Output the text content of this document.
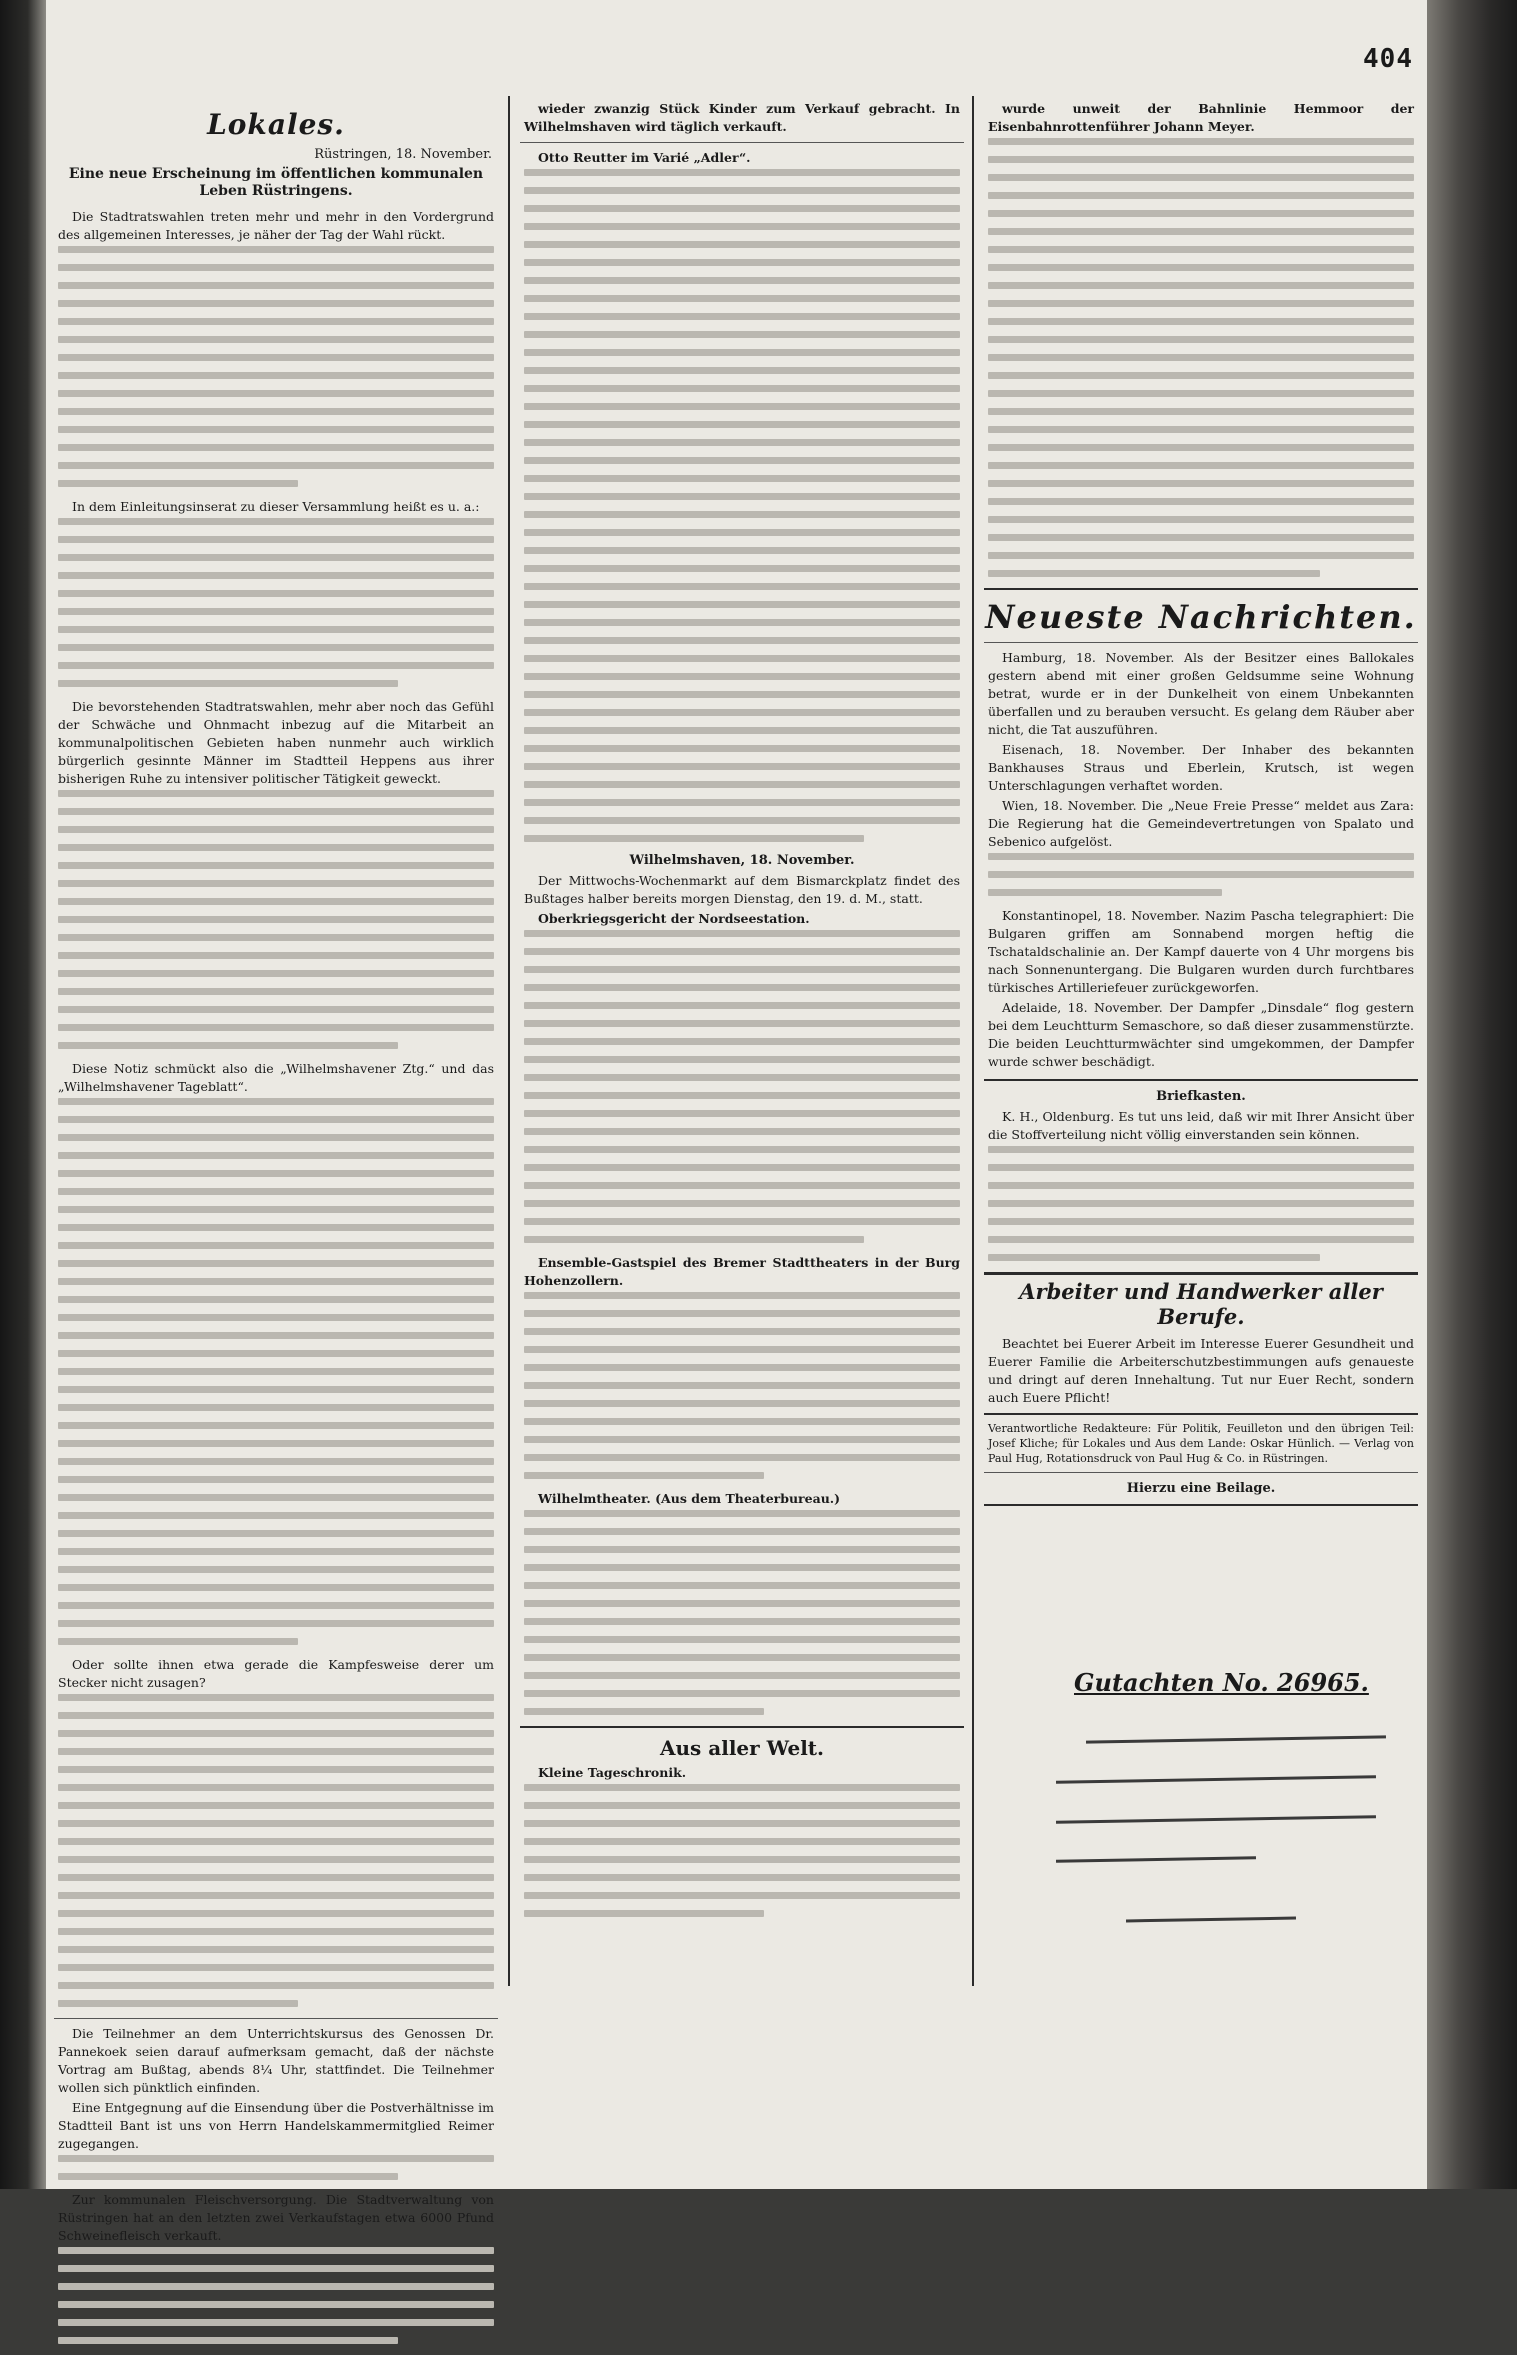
404
Lokales.
Rüstringen, 18. November.
Eine neue Erscheinung im öffentlichen kommunalen Leben Rüstringens.

Die Stadtratswahlen treten mehr und mehr in den Vordergrund des allgemeinen Interesses, je näher der Tag der Wahl rückt.

In dem Einleitungsinserat zu dieser Versammlung heißt es u. a.:

Die bevorstehenden Stadtratswahlen, mehr aber noch das Gefühl der Schwäche und Ohnmacht inbezug auf die Mitarbeit an kommunalpolitischen Gebieten haben nunmehr auch wirklich bürgerlich gesinnte Männer im Stadtteil Heppens aus ihrer bisherigen Ruhe zu intensiver politischer Tätigkeit geweckt.

Diese Notiz schmückt also die „Wilhelmshavener Ztg.“ und das „Wilhelmshavener Tageblatt“.

Oder sollte ihnen etwa gerade die Kampfesweise derer um Stecker nicht zusagen?

Die Teilnehmer an dem Unterrichtskursus des Genossen Dr. Pannekoek seien darauf aufmerksam gemacht, daß der nächste Vortrag am Bußtag, abends 8¼ Uhr, stattfindet. Die Teilnehmer wollen sich pünktlich einfinden.

Eine Entgegnung auf die Einsendung über die Postverhältnisse im Stadtteil Bant ist uns von Herrn Handelskammermitglied Reimer zugegangen.

Zur kommunalen Fleischversorgung. Die Stadtverwaltung von Rüstringen hat an den letzten zwei Verkaufstagen etwa 6000 Pfund Schweinefleisch verkauft.

wieder zwanzig Stück Kinder zum Verkauf gebracht. In Wilhelmshaven wird täglich verkauft.

Otto Reutter im Varié „Adler“.

Wilhelmshaven, 18. November.

Der Mittwochs-Wochenmarkt auf dem Bismarckplatz findet des Bußtages halber bereits morgen Dienstag, den 19. d. M., statt.

Oberkriegsgericht der Nordseestation.

Ensemble-Gastspiel des Bremer Stadttheaters in der Burg Hohenzollern.

Wilhelmtheater. (Aus dem Theaterbureau.)

Aus aller Welt.

Kleine Tageschronik.

wurde unweit der Bahnlinie Hemmoor der Eisenbahnrottenführer Johann Meyer.

Neueste Nachrichten.

Hamburg, 18. November. Als der Besitzer eines Ballokales gestern abend mit einer großen Geldsumme seine Wohnung betrat, wurde er in der Dunkelheit von einem Unbekannten überfallen und zu berauben versucht. Es gelang dem Räuber aber nicht, die Tat auszuführen.

Eisenach, 18. November. Der Inhaber des bekannten Bankhauses Straus und Eberlein, Krutsch, ist wegen Unterschlagungen verhaftet worden.

Wien, 18. November. Die „Neue Freie Presse“ meldet aus Zara: Die Regierung hat die Gemeindevertretungen von Spalato und Sebenico aufgelöst.

Konstantinopel, 18. November. Nazim Pascha telegraphiert: Die Bulgaren griffen am Sonnabend morgen heftig die Tschataldschalinie an. Der Kampf dauerte von 4 Uhr morgens bis nach Sonnenuntergang. Die Bulgaren wurden durch furchtbares türkisches Artilleriefeuer zurückgeworfen.

Adelaide, 18. November. Der Dampfer „Dinsdale“ flog gestern bei dem Leuchtturm Semaschore, so daß dieser zusammenstürzte. Die beiden Leuchtturmwächter sind umgekommen, der Dampfer wurde schwer beschädigt.

Briefkasten.

K. H., Oldenburg. Es tut uns leid, daß wir mit Ihrer Ansicht über die Stoffverteilung nicht völlig einverstanden sein können.

Arbeiter und Handwerker aller Berufe.

Beachtet bei Euerer Arbeit im Interesse Euerer Gesundheit und Euerer Familie die Arbeiterschutzbestimmungen aufs genaueste und dringt auf deren Innehaltung. Tut nur Euer Recht, sondern auch Euere Pflicht!

Verantwortliche Redakteure: Für Politik, Feuilleton und den übrigen Teil: Josef Kliche; für Lokales und Aus dem Lande: Oskar Hünlich. — Verlag von Paul Hug, Rotationsdruck von Paul Hug & Co. in Rüstringen.

Hierzu eine Beilage.
Gutachten No. 26965.
